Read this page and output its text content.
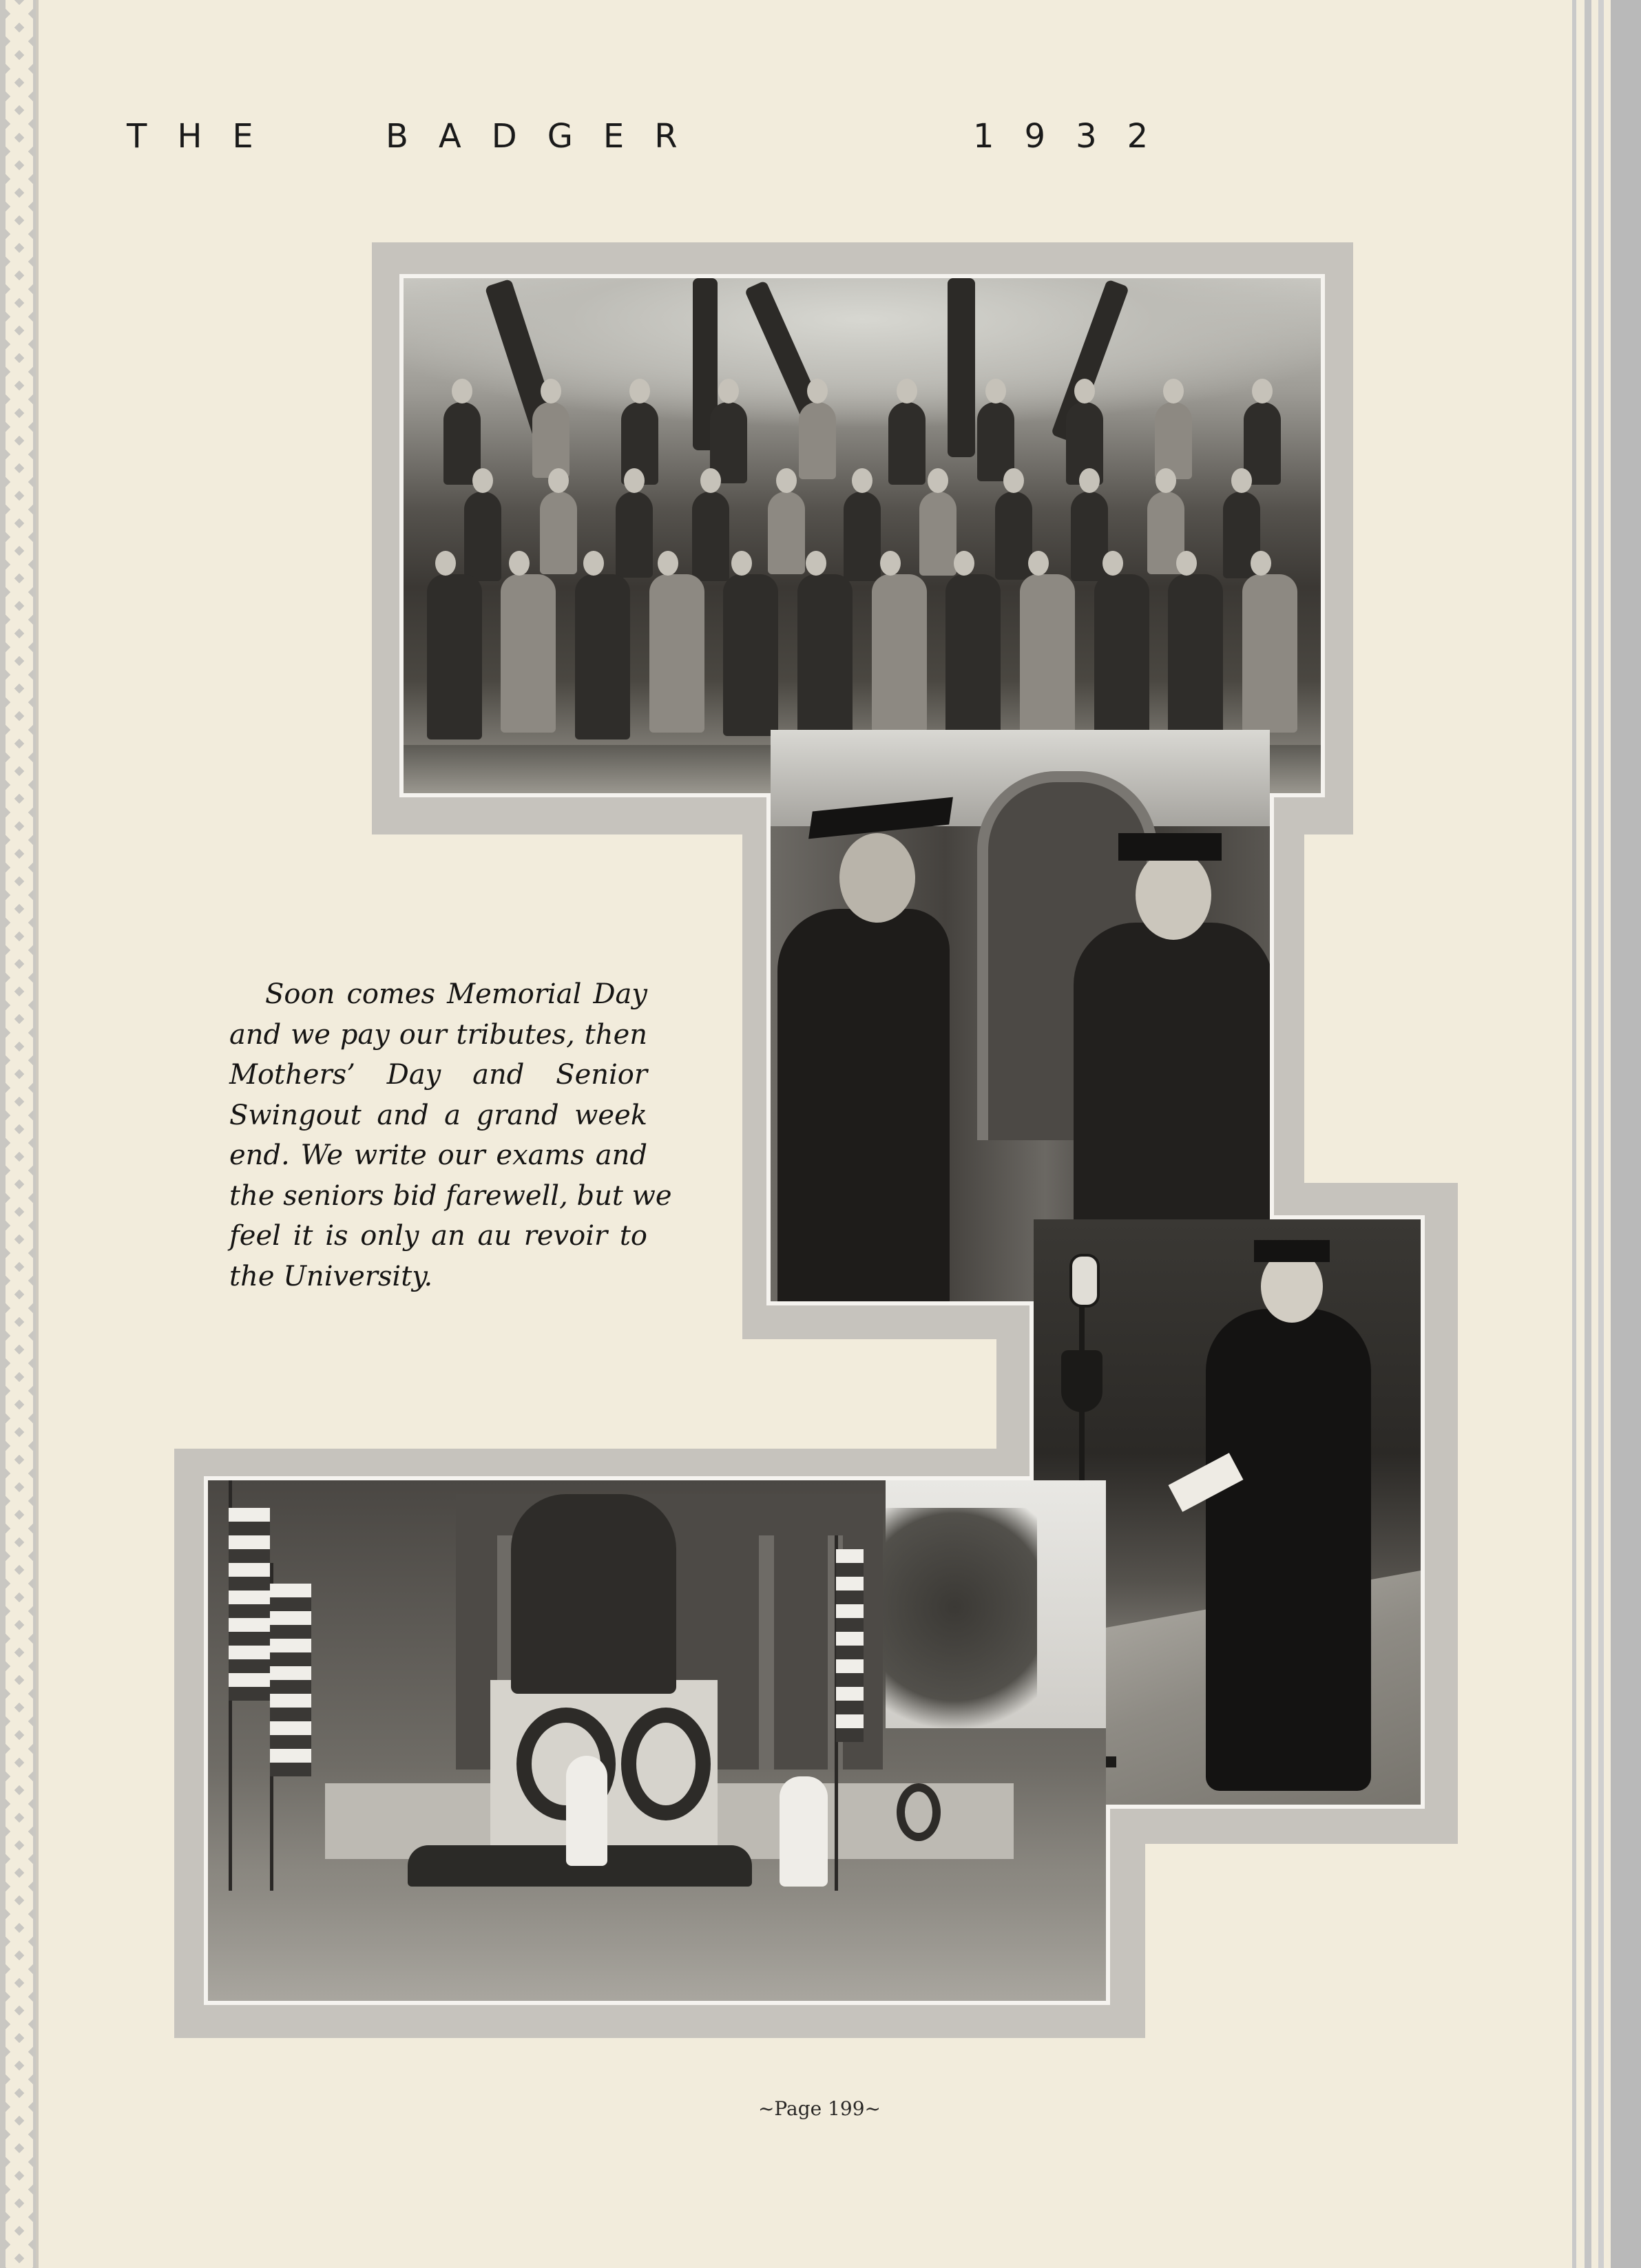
THE	BADGER	1932
Soon comes Memorial Day
and we pay our tributes, then
Mothers’ Day and Senior
Swingout and a grand week
end. We write our exams and
the seniors bid farewell, but we
feel it is only an au revoir to
the University.
~Page 199~
